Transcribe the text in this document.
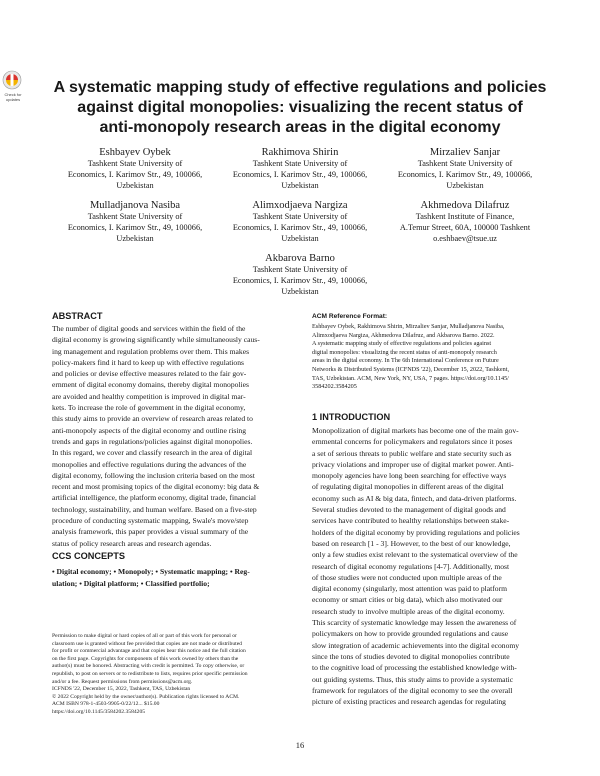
Check for updates
A systematic mapping study of effective regulations and policies
against digital monopolies: visualizing the recent status of
anti-monopoly research areas in the digital economy
Eshbayev Oybek
Tashkent State University of
Economics, I. Karimov Str., 49, 100066,
Uzbekistan
Rakhimova Shirin
Tashkent State University of
Economics, I. Karimov Str., 49, 100066,
Uzbekistan
Mirzaliev Sanjar
Tashkent State University of
Economics, I. Karimov Str., 49, 100066,
Uzbekistan
Mulladjanova Nasiba
Tashkent State University of
Economics, I. Karimov Str., 49, 100066,
Uzbekistan
Alimxodjaeva Nargiza
Tashkent State University of
Economics, I. Karimov Str., 49, 100066,
Uzbekistan
Akhmedova Dilafruz
Tashkent Institute of Finance,
A.Temur Street, 60A, 100000 Tashkent
o.eshbaev@tsue.uz
Akbarova Barno
Tashkent State University of
Economics, I. Karimov Str., 49, 100066,
Uzbekistan
ABSTRACT
The number of digital goods and services within the field of the
digital economy is growing significantly while simultaneously caus-
ing management and regulation problems over them. This makes
policy-makers find it hard to keep up with effective regulations
and policies or devise effective measures related to the fair gov-
ernment of digital economy domains, thereby digital monopolies
are avoided and healthy competition is improved in digital mar-
kets. To increase the role of government in the digital economy,
this study aims to provide an overview of research areas related to
anti-monopoly aspects of the digital economy and outline rising
trends and gaps in regulations/policies against digital monopolies.
In this regard, we cover and classify research in the area of digital
monopolies and effective regulations during the advances of the
digital economy, following the inclusion criteria based on the most
recent and most promising topics of the digital economy: big data &
artificial intelligence, the platform economy, digital trade, financial
technology, sustainability, and human welfare. Based on a five-step
procedure of conducting systematic mapping, Swale's move/step
analysis framework, this paper provides a visual summary of the
status of policy research areas and research agendas.
CCS CONCEPTS
• Digital economy; • Monopoly; • Systematic mapping; • Reg-
ulation; • Digital platform; • Classified portfolio;
Permission to make digital or hard copies of all or part of this work for personal or
classroom use is granted without fee provided that copies are not made or distributed
for profit or commercial advantage and that copies bear this notice and the full citation
on the first page. Copyrights for components of this work owned by others than the
author(s) must be honored. Abstracting with credit is permitted. To copy otherwise, or
republish, to post on servers or to redistribute to lists, requires prior specific permission
and/or a fee. Request permissions from permissions@acm.org.
ICFNDS '22, December 15, 2022, Tashkent, TAS, Uzbekistan
© 2022 Copyright held by the owner/author(s). Publication rights licensed to ACM.
ACM ISBN 978-1-4503-9905-0/22/12... $15.00
https://doi.org/10.1145/3584202.3584205
ACM Reference Format:
Eshbayev Oybek, Rakhimova Shirin, Mirzaliev Sanjar, Mulladjanova Nasiba,
Alimxodjaeva Nargiza, Akhmedova Dilafruz, and Akbarova Barno. 2022.
A systematic mapping study of effective regulations and policies against
digital monopolies: visualizing the recent status of anti-monopoly research
areas in the digital economy. In The 6th International Conference on Future
Networks & Distributed Systems (ICFNDS '22), December 15, 2022, Tashkent,
TAS, Uzbekistan. ACM, New York, NY, USA, 7 pages. https://doi.org/10.1145/
3584202.3584205
1 INTRODUCTION
Monopolization of digital markets has become one of the main gov-
ernmental concerns for policymakers and regulators since it poses
a set of serious threats to public welfare and state security such as
privacy violations and improper use of digital market power. Anti-
monopoly agencies have long been searching for effective ways
of regulating digital monopolies in different areas of the digital
economy such as AI & big data, fintech, and data-driven platforms.
Several studies devoted to the management of digital goods and
services have contributed to healthy relationships between stake-
holders of the digital economy by providing regulations and policies
based on research [1 - 3]. However, to the best of our knowledge,
only a few studies exist relevant to the systematical overview of the
research of digital economy regulations [4-7]. Additionally, most
of those studies were not conducted upon multiple areas of the
digital economy (singularly, most attention was paid to platform
economy or smart cities or big data), which also motivated our
research study to involve multiple areas of the digital economy.
This scarcity of systematic knowledge may lessen the awareness of
policymakers on how to provide grounded regulations and cause
slow integration of academic achievements into the digital economy
since the tons of studies devoted to digital monopolies contribute
to the cognitive load of processing the established knowledge with-
out guiding systems. Thus, this study aims to provide a systematic
framework for regulators of the digital economy to see the overall
picture of existing practices and research agendas for regulating
16
